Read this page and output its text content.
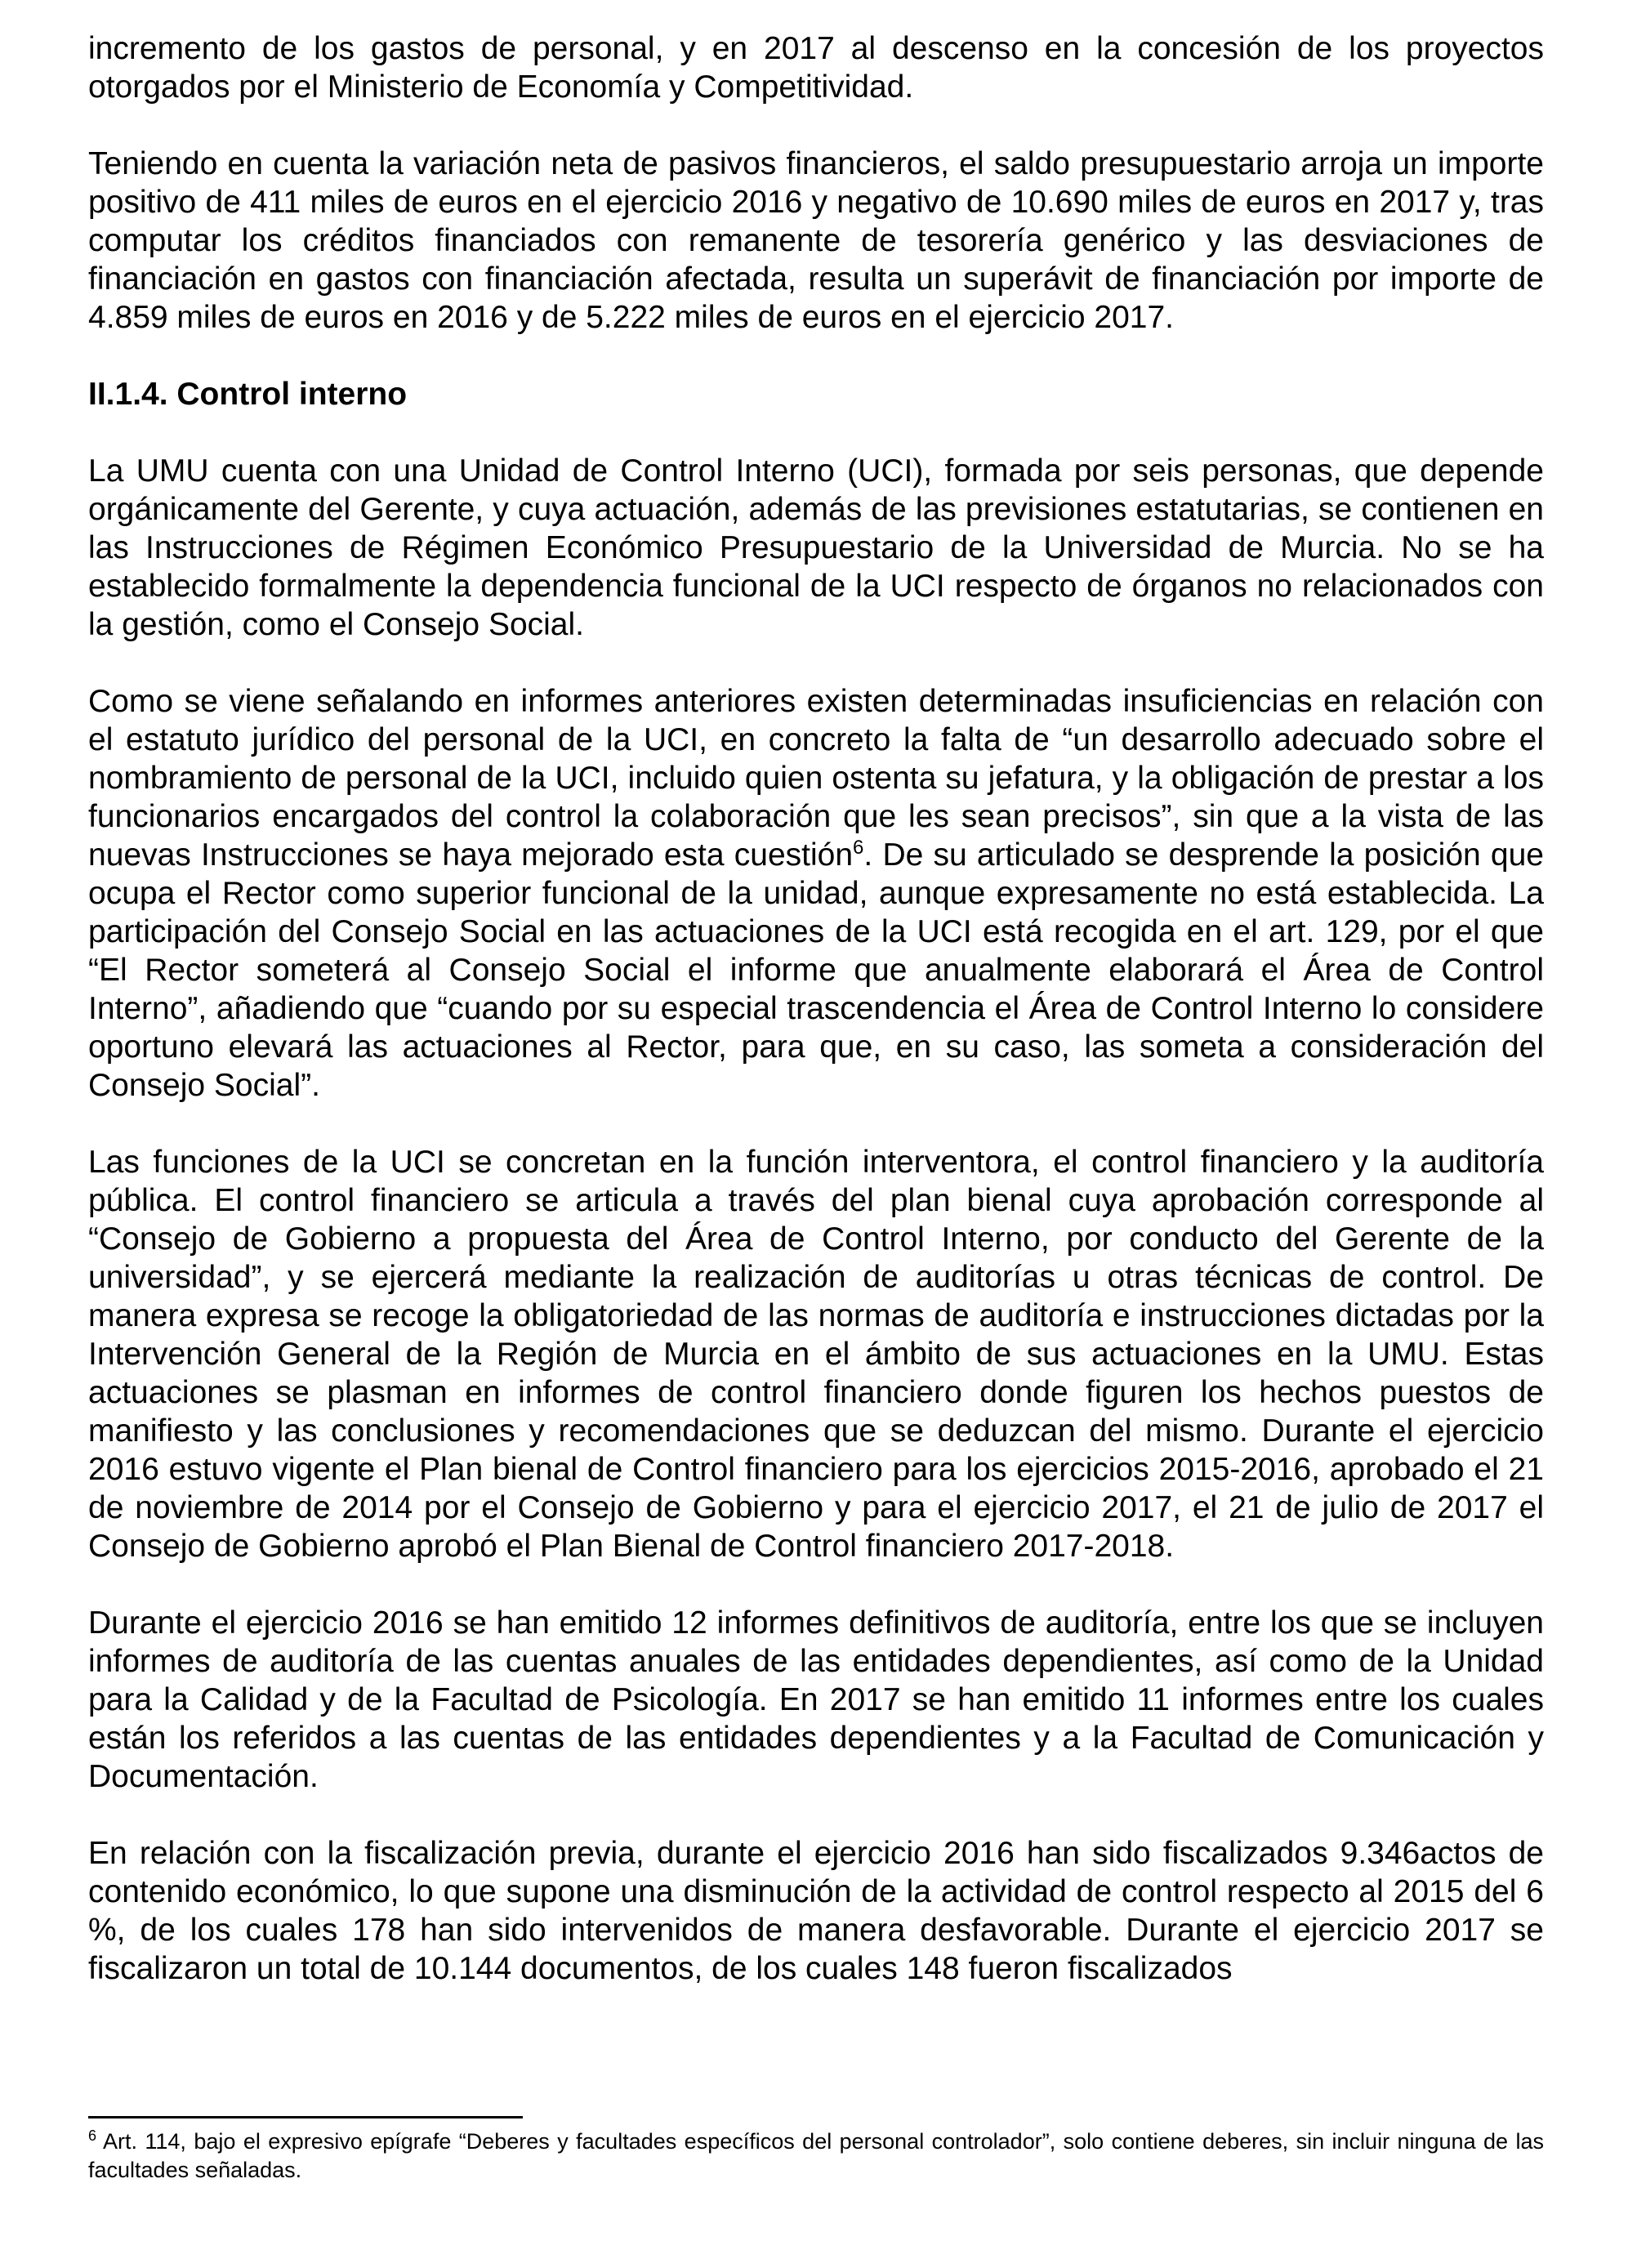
incremento de los gastos de personal, y en 2017 al descenso en la concesión de los proyectos otorgados por el Ministerio de Economía y Competitividad.

Teniendo en cuenta la variación neta de pasivos financieros, el saldo presupuestario arroja un importe positivo de 411 miles de euros en el ejercicio 2016 y negativo de 10.690 miles de euros en 2017 y, tras computar los créditos financiados con remanente de tesorería genérico y las desviaciones de financiación en gastos con financiación afectada, resulta un superávit de financiación por importe de 4.859 miles de euros en 2016 y de 5.222 miles de euros en el ejercicio 2017.

II.1.4. Control interno

La UMU cuenta con una Unidad de Control Interno (UCI), formada por seis personas, que depende orgánicamente del Gerente, y cuya actuación, además de las previsiones estatutarias, se contienen en las Instrucciones de Régimen Económico Presupuestario de la Universidad de Murcia. No se ha establecido formalmente la dependencia funcional de la UCI respecto de órganos no relacionados con la gestión, como el Consejo Social.

Como se viene señalando en informes anteriores existen determinadas insuficiencias en relación con el estatuto jurídico del personal de la UCI, en concreto la falta de “un desarrollo adecuado sobre el nombramiento de personal de la UCI, incluido quien ostenta su jefatura, y la obligación de prestar a los funcionarios encargados del control la colaboración que les sean precisos”, sin que a la vista de las nuevas Instrucciones se haya mejorado esta cuestión$^6$. De su articulado se desprende la posición que ocupa el Rector como superior funcional de la unidad, aunque expresamente no está establecida. La participación del Consejo Social en las actuaciones de la UCI está recogida en el art. 129, por el que “El Rector someterá al Consejo Social el informe que anualmente elaborará el Área de Control Interno”, añadiendo que “cuando por su especial trascendencia el Área de Control Interno lo considere oportuno elevará las actuaciones al Rector, para que, en su caso, las someta a consideración del Consejo Social”.

Las funciones de la UCI se concretan en la función interventora, el control financiero y la auditoría pública. El control financiero se articula a través del plan bienal cuya aprobación corresponde al “Consejo de Gobierno a propuesta del Área de Control Interno, por conducto del Gerente de la universidad”, y se ejercerá mediante la realización de auditorías u otras técnicas de control. De manera expresa se recoge la obligatoriedad de las normas de auditoría e instrucciones dictadas por la Intervención General de la Región de Murcia en el ámbito de sus actuaciones en la UMU. Estas actuaciones se plasman en informes de control financiero donde figuren los hechos puestos de manifiesto y las conclusiones y recomendaciones que se deduzcan del mismo. Durante el ejercicio 2016 estuvo vigente el Plan bienal de Control financiero para los ejercicios 2015-2016, aprobado el 21 de noviembre de 2014 por el Consejo de Gobierno y para el ejercicio 2017, el 21 de julio de 2017 el Consejo de Gobierno aprobó el Plan Bienal de Control financiero 2017-2018.

Durante el ejercicio 2016 se han emitido 12 informes definitivos de auditoría, entre los que se incluyen informes de auditoría de las cuentas anuales de las entidades dependientes, así como de la Unidad para la Calidad y de la Facultad de Psicología. En 2017 se han emitido 11 informes entre los cuales están los referidos a las cuentas de las entidades dependientes y a la Facultad de Comunicación y Documentación.

En relación con la fiscalización previa, durante el ejercicio 2016 han sido fiscalizados 9.346actos de contenido económico, lo que supone una disminución de la actividad de control respecto al 2015 del 6 %, de los cuales 178 han sido intervenidos de manera desfavorable. Durante el ejercicio 2017 se fiscalizaron un total de 10.144 documentos, de los cuales 148 fueron fiscalizados

$^6$ Art. 114, bajo el expresivo epígrafe “Deberes y facultades específicos del personal controlador”, solo contiene deberes, sin incluir ninguna de las facultades señaladas.
